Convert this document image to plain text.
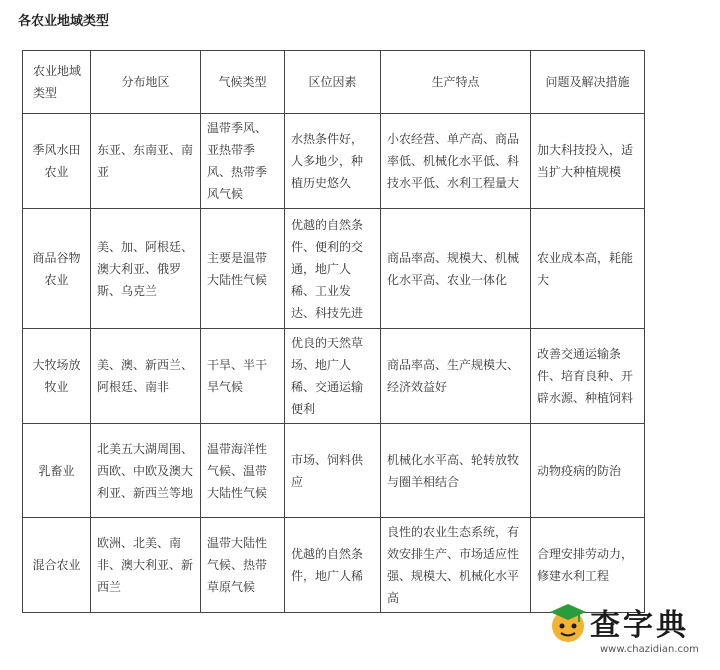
各农业地域类型
农业地域类型	分布地区	气候类型	区位因素	生产特点	问题及解决措施
季风水田农业	东亚、东南亚、南亚	温带季风、亚热带季风、热带季风气候	水热条件好，人多地少，种植历史悠久	小农经营、单产高、商品率低、机械化水平低、科技水平低、水利工程量大	加大科技投入，适当扩大种植规模
商品谷物农业	美、加、阿根廷、澳大利亚、俄罗斯、乌克兰	主要是温带大陆性气候	优越的自然条件、便利的交通，地广人稀、工业发达、科技先进	商品率高、规模大、机械化水平高、农业一体化	农业成本高，耗能大
大牧场放牧业	美、澳、新西兰、阿根廷、南非	干旱、半干旱气候	优良的天然草场、地广人稀、交通运输便利	商品率高、生产规模大、经济效益好	改善交通运输条件、培育良种、开辟水源、种植饲料
乳畜业	北美五大湖周围、西欧、中欧及澳大利亚、新西兰等地	温带海洋性气候、温带大陆性气候	市场、饲料供应	机械化水平高、轮转放牧与圈羊相结合	动物疫病的防治
混合农业	欧洲、北美、南非、澳大利亚、新西兰	温带大陆性气候、热带草原气候	优越的自然条件，地广人稀	良性的农业生态系统，有效安排生产、市场适应性强、规模大、机械化水平高	合理安排劳动力，修建水利工程
查字典
www.chazidian.com
